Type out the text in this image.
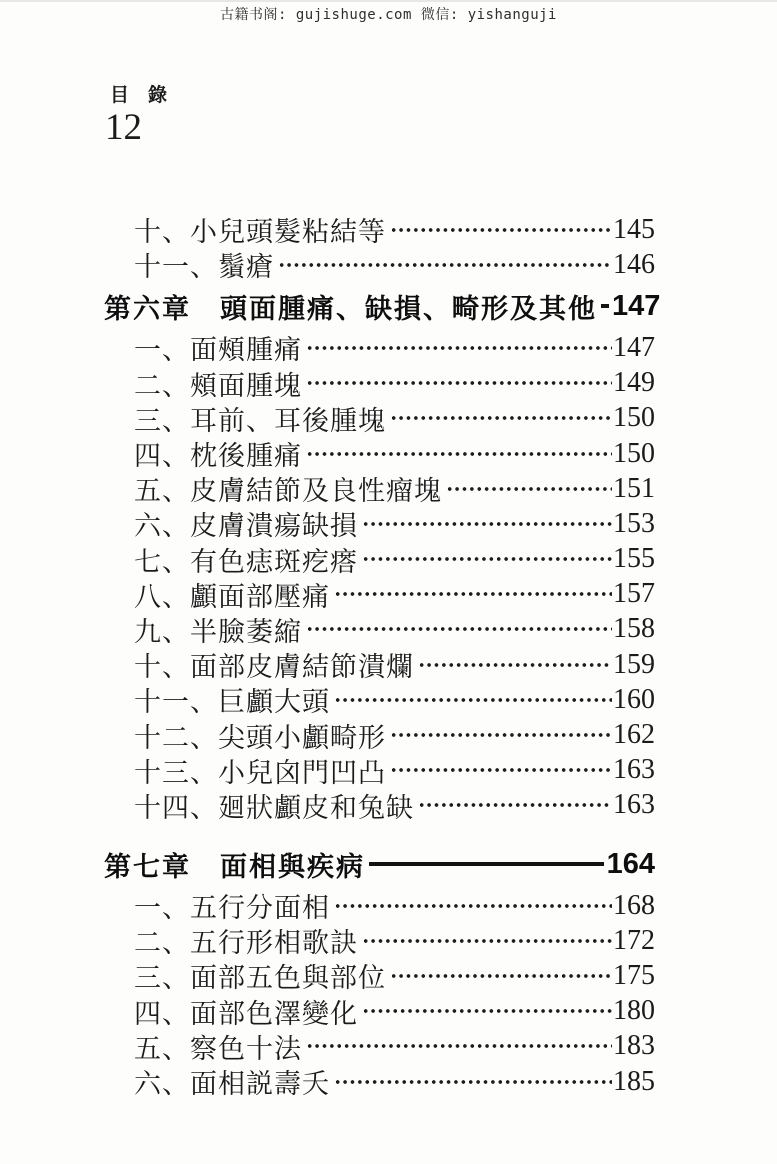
古籍书阁: gujishuge.com 微信: yishanguji
目　錄
12
十、小兒頭髮粘結等	145
十一、鬚瘡	146
第六章　頭面腫痛、缺損、畸形及其他 147
一、面頰腫痛	147
二、頰面腫塊	149
三、耳前、耳後腫塊	150
四、枕後腫痛	150
五、皮膚結節及良性瘤塊	151
六、皮膚潰瘍缺損	153
七、有色痣斑疙瘩	155
八、顱面部壓痛	157
九、半臉萎縮	158
十、面部皮膚結節潰爛	159
十一、巨顱大頭	160
十二、尖頭小顱畸形	162
十三、小兒囟門凹凸	163
十四、廻狀顱皮和兔缺	163
第七章　面相與疾病	164
一、五行分面相	168
二、五行形相歌訣	172
三、面部五色與部位	175
四、面部色澤變化	180
五、察色十法	183
六、面相説壽夭	185
